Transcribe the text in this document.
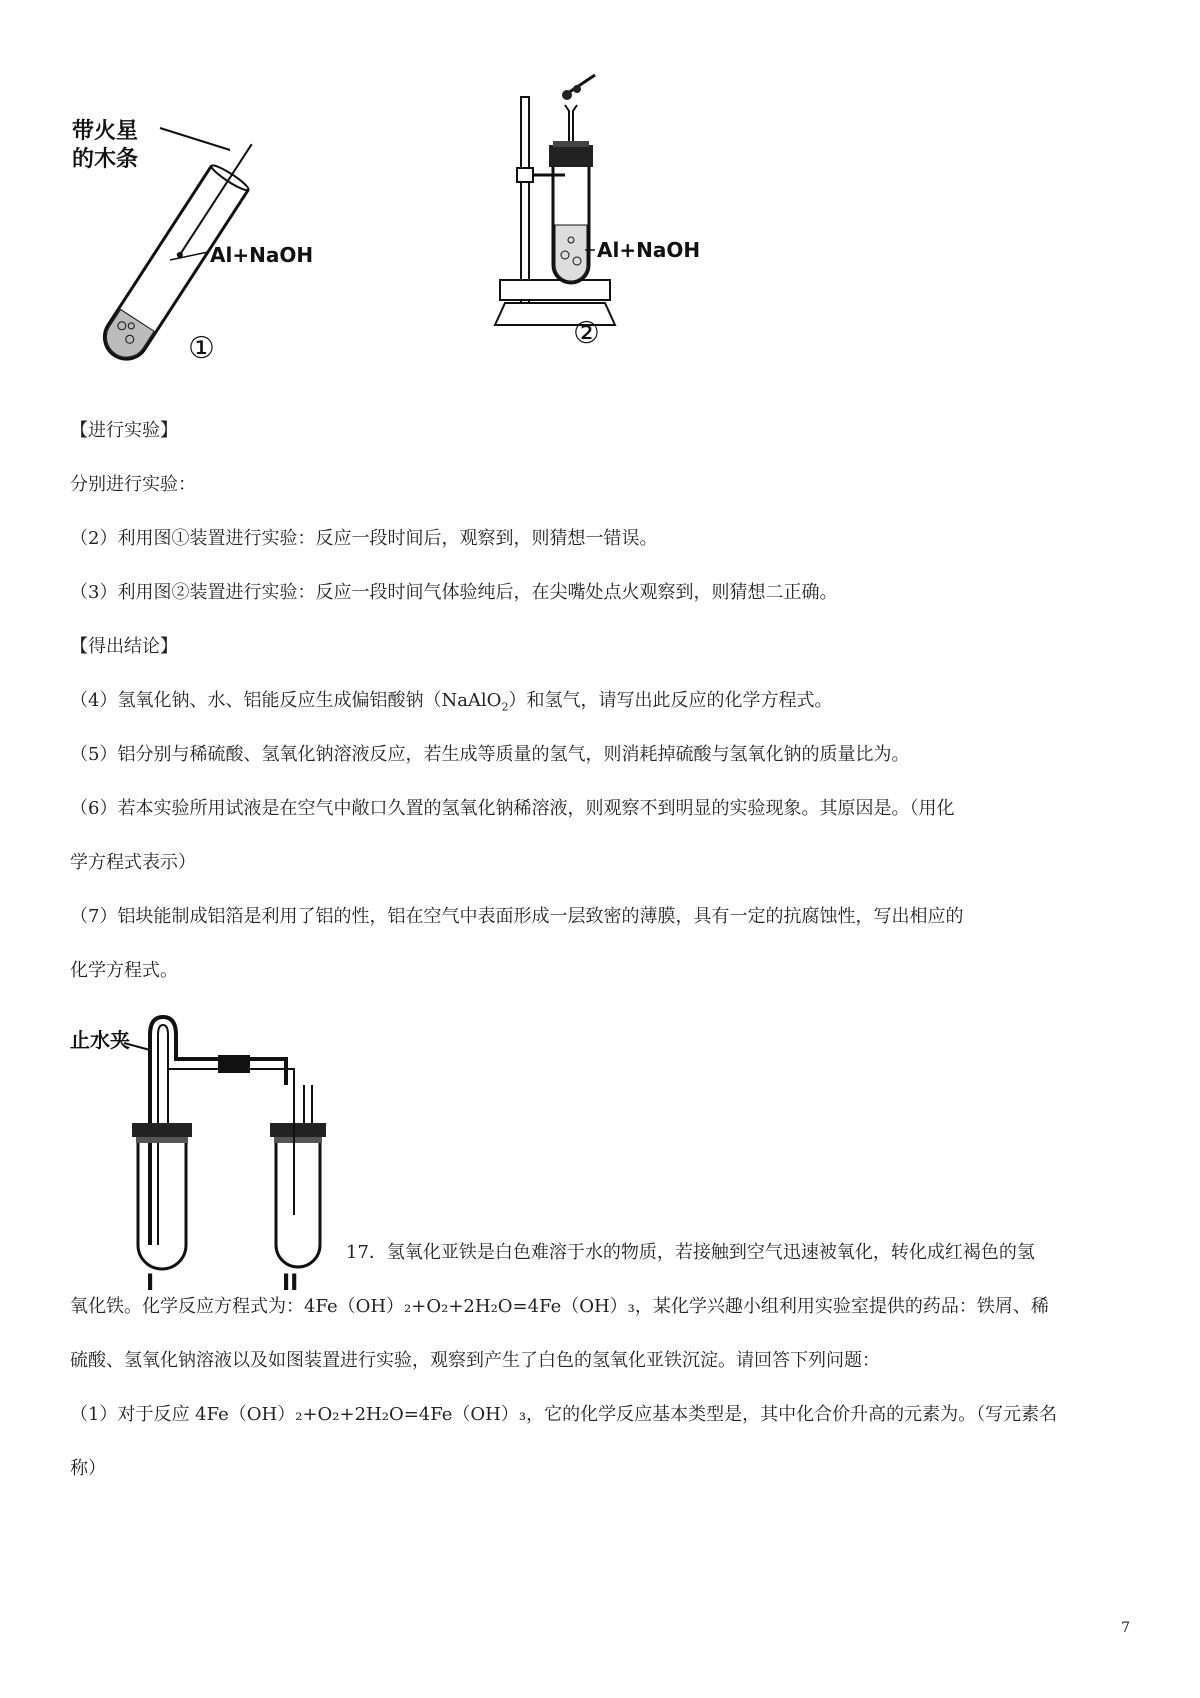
带火星
的木条
Al+NaOH
①
Al+NaOH
②
【进行实验】
分别进行实验：
（2）利用图①装置进行实验：反应一段时间后，观察到，则猜想一错误。
（3）利用图②装置进行实验：反应一段时间气体验纯后，在尖嘴处点火观察到，则猜想二正确。
【得出结论】
（4）氢氧化钠、水、铝能反应生成偏铝酸钠（NaAlO$_2$）和氢气，请写出此反应的化学方程式。
（5）铝分别与稀硫酸、氢氧化钠溶液反应，若生成等质量的氢气，则消耗掉硫酸与氢氧化钠的质量比为。
（6）若本实验所用试液是在空气中敞口久置的氢氧化钠稀溶液，则观察不到明显的实验现象。其原因是。（用化
学方程式表示）
（7）铝块能制成铝箔是利用了铝的性，铝在空气中表面形成一层致密的薄膜，具有一定的抗腐蚀性，写出相应的
化学方程式。
止水夹
I	II
17．氢氧化亚铁是白色难溶于水的物质，若接触到空气迅速被氧化，转化成红褐色的氢
氧化铁。化学反应方程式为：4Fe（OH）₂+O₂+2H₂O=4Fe（OH）₃，某化学兴趣小组利用实验室提供的药品：铁屑、稀
硫酸、氢氧化钠溶液以及如图装置进行实验，观察到产生了白色的氢氧化亚铁沉淀。请回答下列问题：
（1）对于反应 4Fe（OH）₂+O₂+2H₂O=4Fe（OH）₃，它的化学反应基本类型是，其中化合价升高的元素为。（写元素名
称）
7
